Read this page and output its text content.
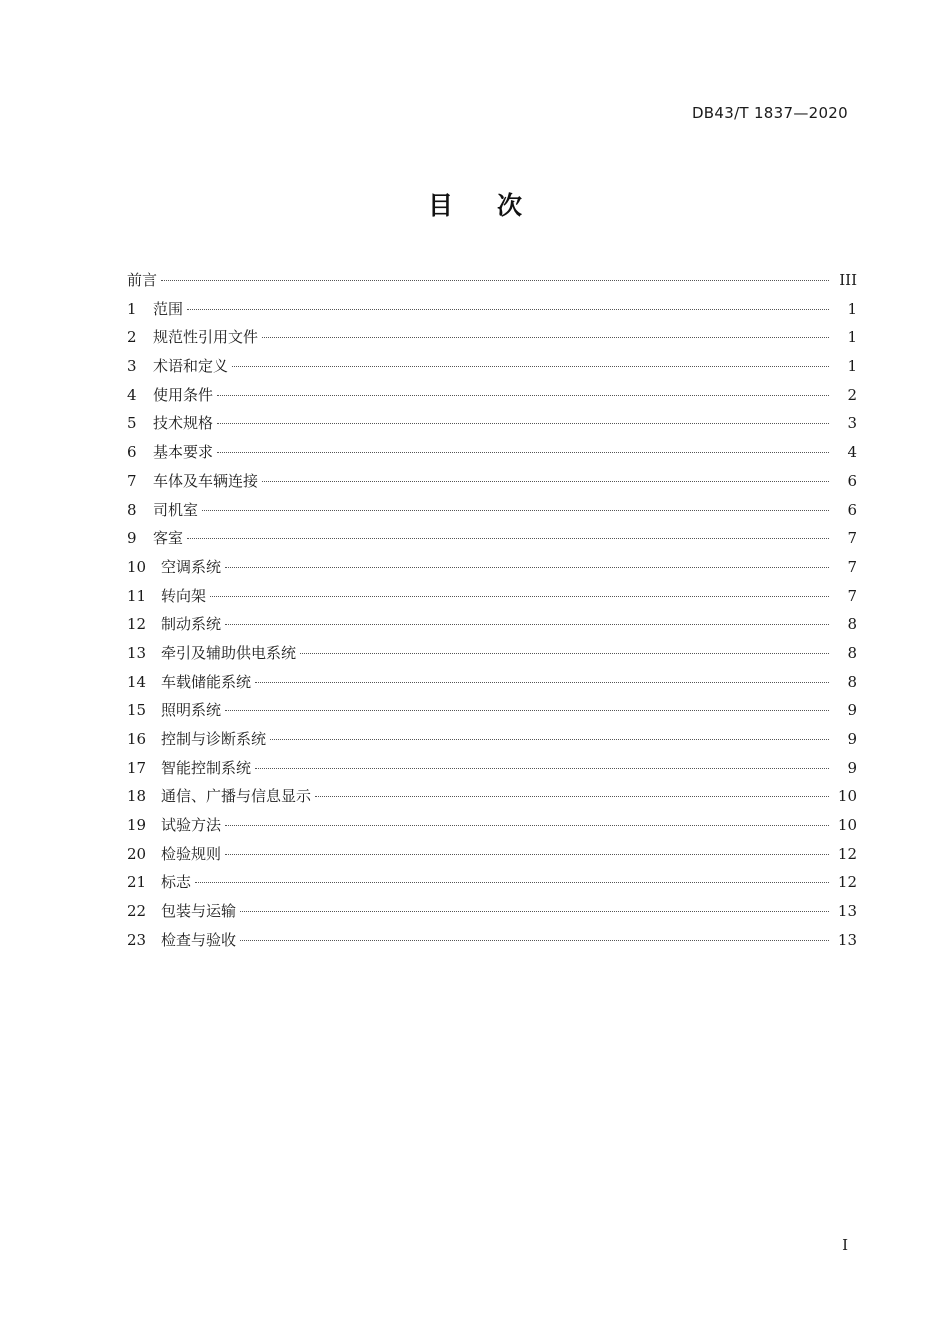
DB43/T 1837—2020
目次
前言	III
1	范围	1
2	规范性引用文件	1
3	术语和定义	1
4	使用条件	2
5	技术规格	3
6	基本要求	4
7	车体及车辆连接	6
8	司机室	6
9	客室	7
10 空调系统	7
11 转向架	7
12 制动系统	8
13 牵引及辅助供电系统	8
14 车载储能系统	8
15 照明系统	9
16 控制与诊断系统	9
17 智能控制系统	9
18 通信、广播与信息显示	10
19 试验方法	10
20 检验规则	12
21 标志	12
22 包装与运输	13
23 检查与验收	13
I
